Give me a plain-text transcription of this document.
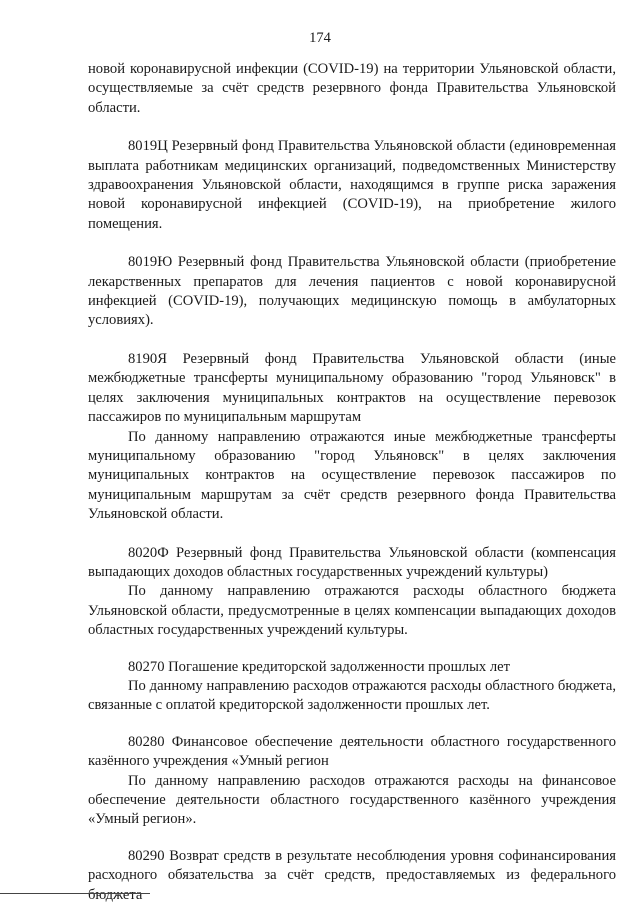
174

новой коронавирусной инфекции (COVID-19) на территории Ульяновской области, осуществляемые за счёт средств резервного фонда Правительства Ульяновской области.

8019Ц Резервный фонд Правительства Ульяновской области (единовременная выплата работникам медицинских организаций, подведомственных Министерству здравоохранения Ульяновской области, находящимся в группе риска заражения новой коронавирусной инфекцией (COVID-19), на приобретение жилого помещения.

8019Ю Резервный фонд Правительства Ульяновской области (приобретение лекарственных препаратов для лечения пациентов с новой коронавирусной инфекцией (COVID-19), получающих медицинскую помощь в амбулаторных условиях).

8190Я Резервный фонд Правительства Ульяновской области (иные межбюджетные трансферты муниципальному образованию "город Ульяновск" в целях заключения муниципальных контрактов на осуществление перевозок пассажиров по муниципальным маршрутам

По данному направлению отражаются иные межбюджетные трансферты муниципальному образованию "город Ульяновск" в целях заключения муниципальных контрактов на осуществление перевозок пассажиров по муниципальным маршрутам за счёт средств резервного фонда Правительства Ульяновской области.

8020Ф Резервный фонд Правительства Ульяновской области (компенсация выпадающих доходов областных государственных учреждений культуры)

По данному направлению отражаются расходы областного бюджета Ульяновской области, предусмотренные в целях компенсации выпадающих доходов областных государственных учреждений культуры.

80270 Погашение кредиторской задолженности прошлых лет

По данному направлению расходов отражаются расходы областного бюджета, связанные с оплатой кредиторской задолженности прошлых лет.

80280 Финансовое обеспечение деятельности областного государственного казённого учреждения «Умный регион

По данному направлению расходов отражаются расходы на финансовое обеспечение деятельности областного государственного казённого учреждения «Умный регион».

80290 Возврат средств в результате несоблюдения уровня софинансирования расходного обязательства за счёт средств, предоставляемых из федерального бюджета
